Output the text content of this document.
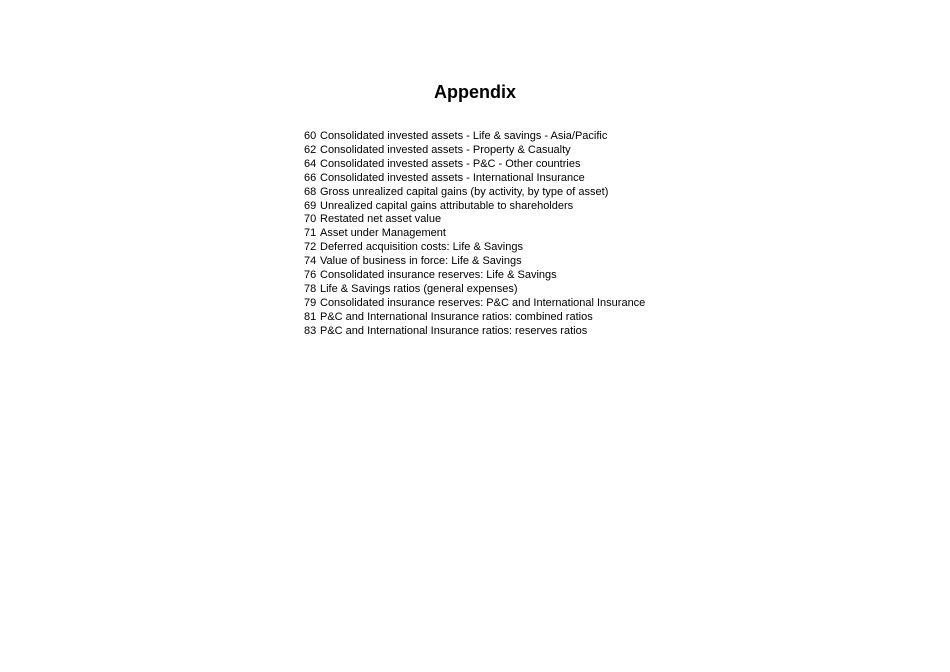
Appendix
60 Consolidated invested assets - Life & savings - Asia/Pacific
62 Consolidated invested assets - Property & Casualty
64 Consolidated invested assets - P&C - Other countries
66 Consolidated invested assets - International Insurance
68 Gross unrealized capital gains (by activity, by type of asset)
69 Unrealized capital gains attributable to shareholders
70 Restated net asset value
71 Asset under Management
72 Deferred acquisition costs: Life & Savings
74 Value of business in force: Life & Savings
76 Consolidated insurance reserves: Life & Savings
78 Life & Savings ratios (general expenses)
79 Consolidated insurance reserves: P&C and International Insurance
81 P&C and International Insurance ratios: combined ratios
83 P&C and International Insurance ratios: reserves ratios
